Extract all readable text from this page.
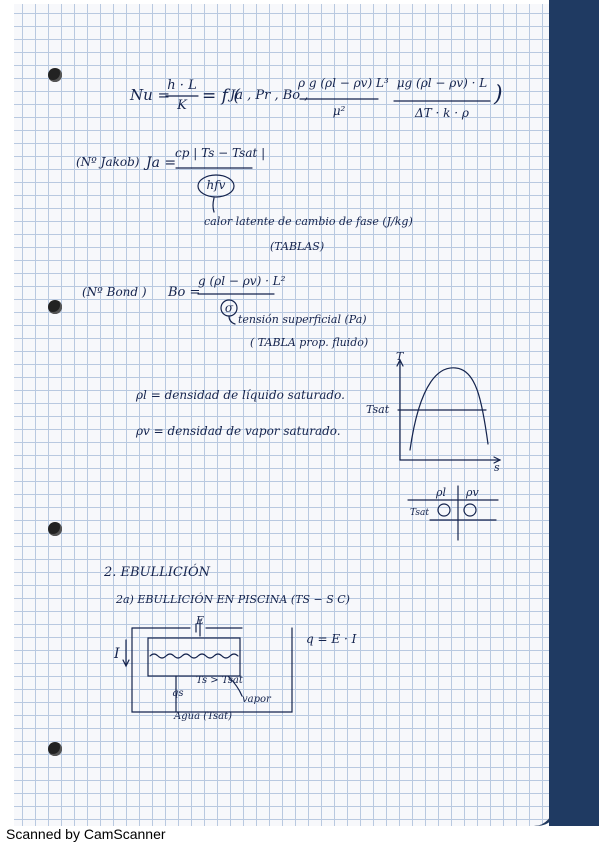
Nu =
h · L
K = f (
Ja , Pr , Bo ,
ρ g (ρl − ρv) L³
μ²
μg (ρl − ρv) · L
ΔT · k · ρ
)
(Nº Jakob) Ja =
cp | Ts − Tsat |
hfv
calor latente de cambio de fase (J/kg)
(TABLAS)
(Nº Bond ) Bo =
g (ρl − ρv) · L²
σ
tensión superficial (Pa)
( TABLA prop. fluido)
ρl = densidad de líquido saturado.
ρv = densidad de vapor saturado.
T
s
Tsat
ρl ρv
Tsat
2. EBULLICIÓN
2a) EBULLICIÓN EN PISCINA (TS − S C)
E
I
q = E · I
Ts > Tsat
q̇s
vapor
Agua (Tsat)
Scanned by CamScanner
